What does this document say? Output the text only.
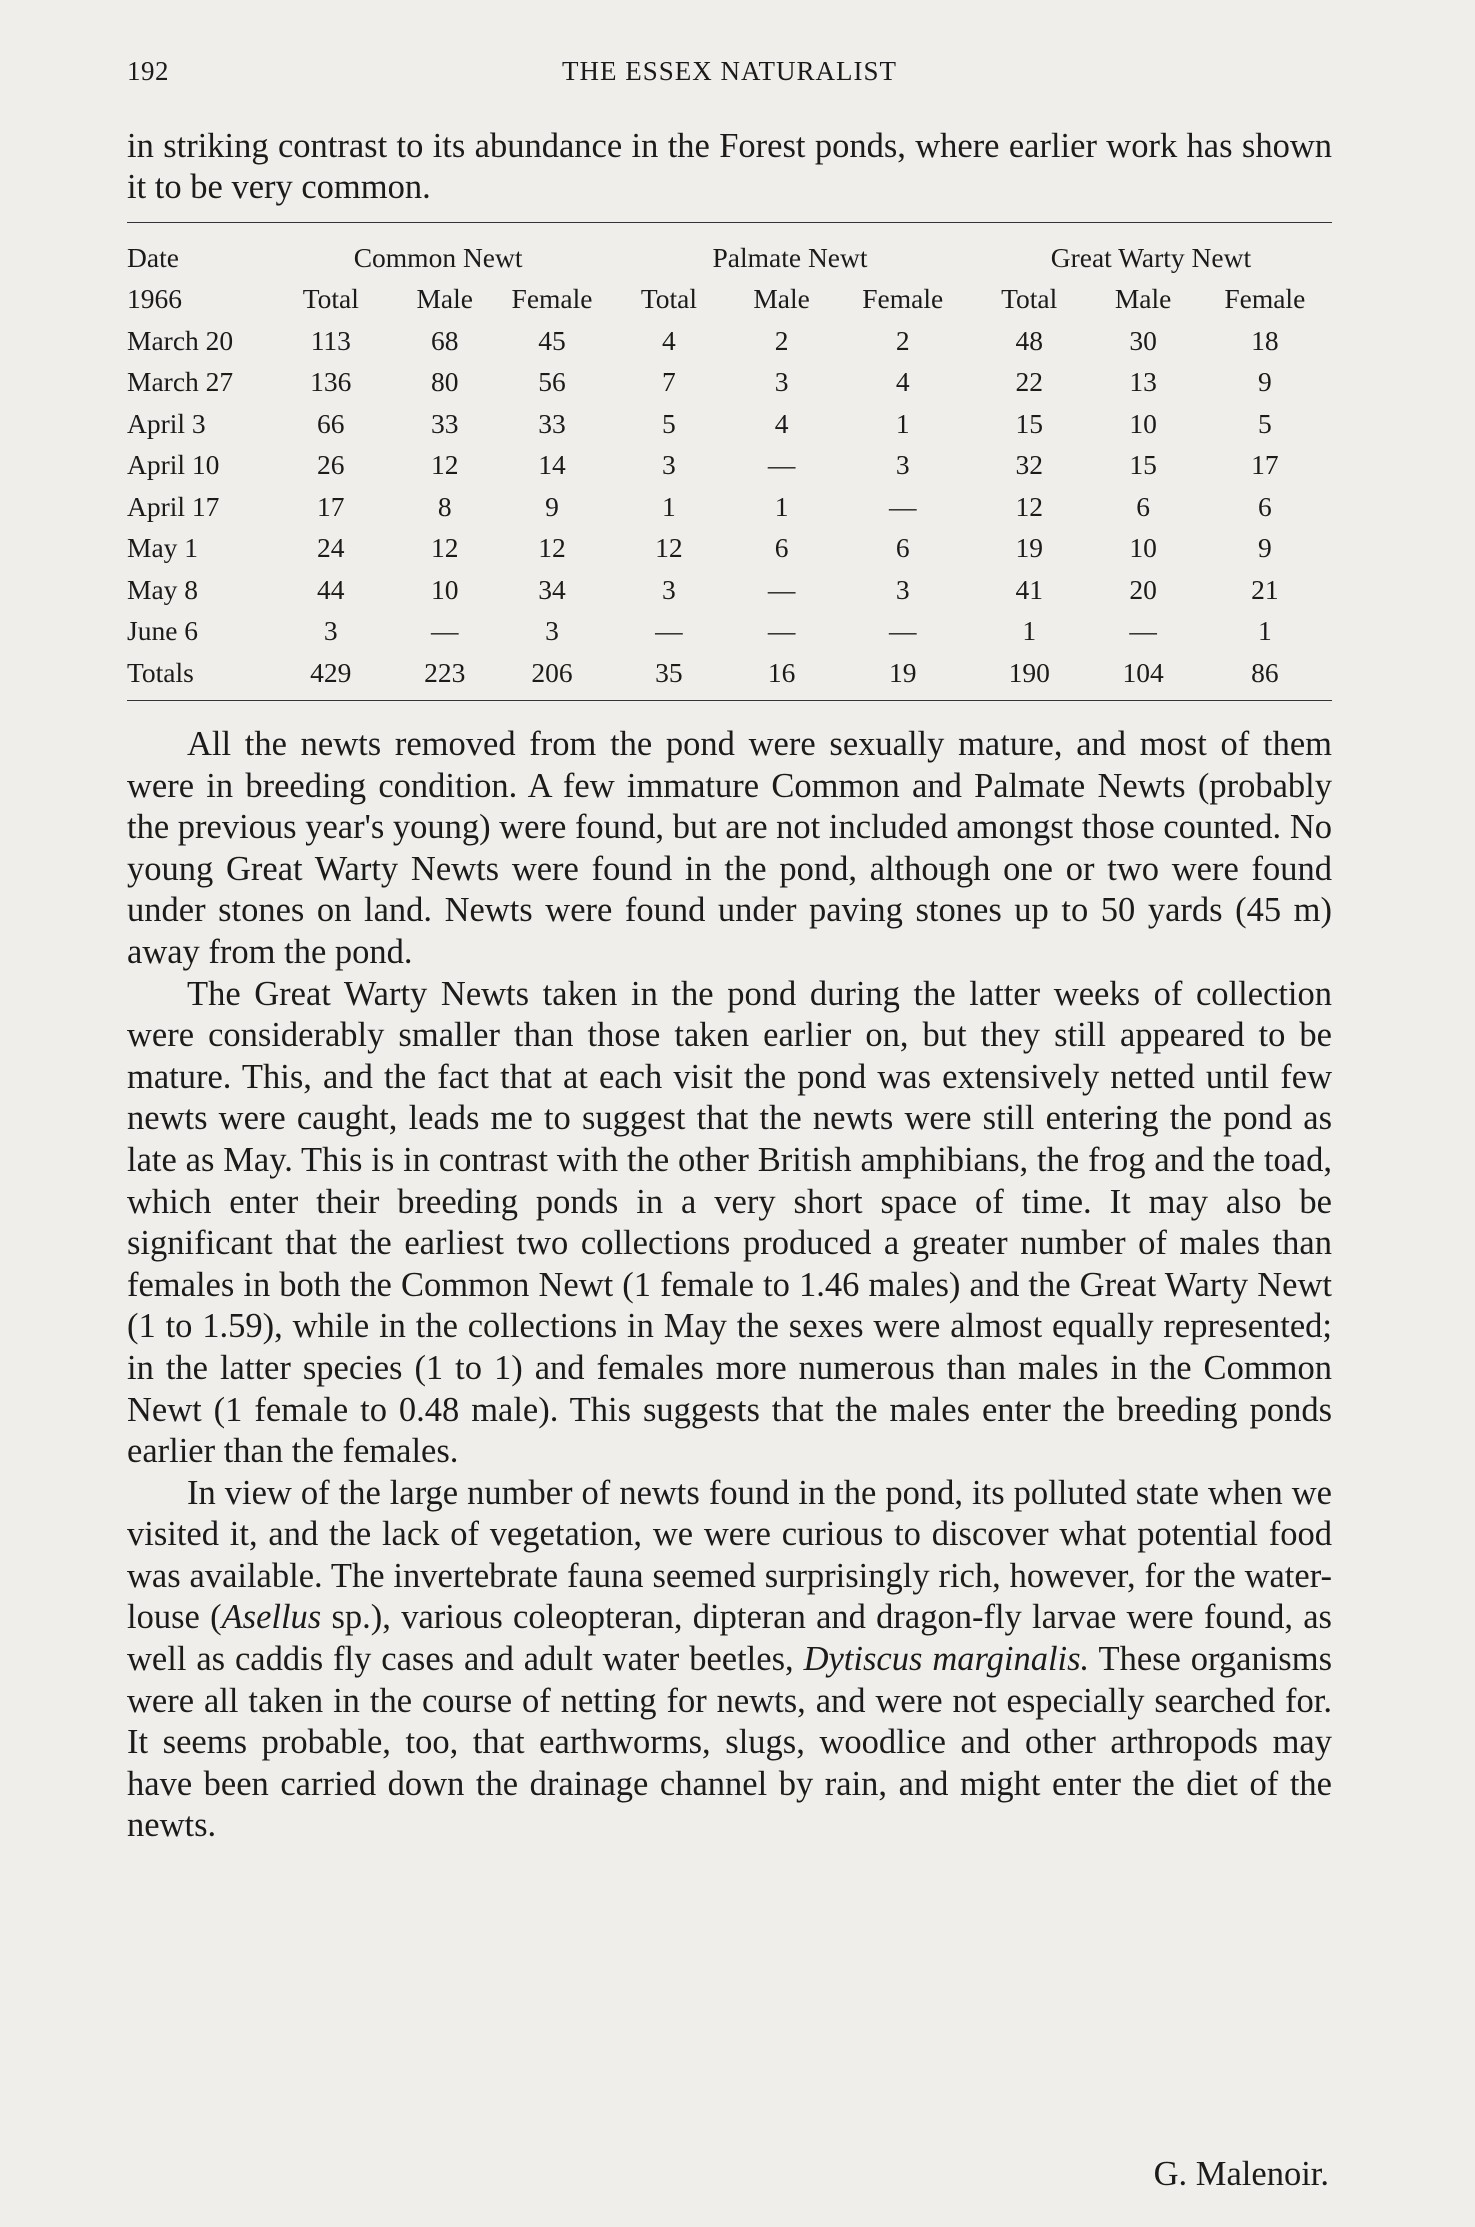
192	THE ESSEX NATURALIST

in striking contrast to its abundance in the Forest ponds, where earlier work has shown it to be very common.

Date	Common Newt			Palmate Newt			Great Warty Newt		
1966	Total	Male	Female	Total	Male	Female	Total	Male	Female
March 20	113	68	45	4	2	2	48	30	18
March 27	136	80	56	7	3	4	22	13	9
April 3	66	33	33	5	4	1	15	10	5
April 10	26	12	14	3	—	3	32	15	17
April 17	17	8	9	1	1	—	12	6	6
May 1	24	12	12	12	6	6	19	10	9
May 8	44	10	34	3	—	3	41	20	21
June 6	3	—	3	—	—	—	1	—	1
Totals	429	223	206	35	16	19	190	104	86

All the newts removed from the pond were sexually mature, and most of them were in breeding condition. A few immature Common and Palmate Newts (probably the previous year's young) were found, but are not included amongst those counted. No young Great Warty Newts were found in the pond, although one or two were found under stones on land. Newts were found under paving stones up to 50 yards (45 m) away from the pond.

The Great Warty Newts taken in the pond during the latter weeks of collection were considerably smaller than those taken earlier on, but they still appeared to be mature. This, and the fact that at each visit the pond was extensively netted until few newts were caught, leads me to suggest that the newts were still entering the pond as late as May. This is in contrast with the other British amphibians, the frog and the toad, which enter their breeding ponds in a very short space of time. It may also be significant that the earliest two collections produced a greater number of males than females in both the Common Newt (1 female to 1.46 males) and the Great Warty Newt (1 to 1.59), while in the collections in May the sexes were almost equally represented; in the latter species (1 to 1) and females more numerous than males in the Common Newt (1 female to 0.48 male). This suggests that the males enter the breeding ponds earlier than the females.

In view of the large number of newts found in the pond, its polluted state when we visited it, and the lack of vegetation, we were curious to discover what potential food was available. The invertebrate fauna seemed surprisingly rich, however, for the water-louse (Asellus sp.), various coleopteran, dipteran and dragon-fly larvae were found, as well as caddis fly cases and adult water beetles, Dytiscus marginalis. These organisms were all taken in the course of netting for newts, and were not especially searched for. It seems probable, too, that earthworms, slugs, woodlice and other arthropods may have been carried down the drainage channel by rain, and might enter the diet of the newts.

G. Malenoir.
